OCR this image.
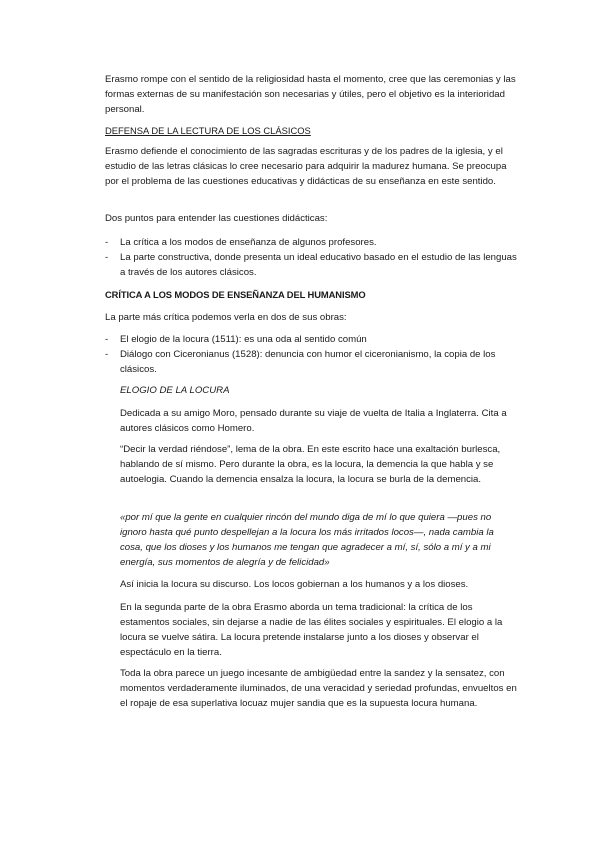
Erasmo rompe con el sentido de la religiosidad hasta el momento, cree que las ceremonias y las formas externas de su manifestación son necesarias y útiles, pero el objetivo es la interioridad personal.

DEFENSA DE LA LECTURA DE LOS CLÁSICOS

Erasmo defiende el conocimiento de las sagradas escrituras y de los padres de la iglesia, y el estudio de las letras clásicas lo cree necesario para adquirir la madurez humana. Se preocupa por el problema de las cuestiones educativas y didácticas de su enseñanza en este sentido.

Dos puntos para entender las cuestiones didácticas:

- La crítica a los modos de enseñanza de algunos profesores.
- La parte constructiva, donde presenta un ideal educativo basado en el estudio de las lenguas a través de los autores clásicos.

CRÍTICA A LOS MODOS DE ENSEÑANZA DEL HUMANISMO

La parte más crítica podemos verla en dos de sus obras:

- El elogio de la locura (1511): es una oda al sentido común
- Diálogo con Ciceronianus (1528): denuncia con humor el ciceronianismo, la copia de los clásicos.

ELOGIO DE LA LOCURA

Dedicada a su amigo Moro, pensado durante su viaje de vuelta de Italia a Inglaterra. Cita a autores clásicos como Homero.

“Decir la verdad riéndose”, lema de la obra. En este escrito hace una exaltación burlesca, hablando de sí mismo. Pero durante la obra, es la locura, la demencia la que habla y se autoelogia. Cuando la demencia ensalza la locura, la locura se burla de la demencia.

«por mí que la gente en cualquier rincón del mundo diga de mí lo que quiera —pues no ignoro hasta qué punto despellejan a la locura los más irritados locos—, nada cambia la cosa, que los dioses y los humanos me tengan que agradecer a mí, sí, sólo a mí y a mi energía, sus momentos de alegría y de felicidad»

Así inicia la locura su discurso. Los locos gobiernan a los humanos y a los dioses.

En la segunda parte de la obra Erasmo aborda un tema tradicional: la crítica de los estamentos sociales, sin dejarse a nadie de las élites sociales y espirituales. El elogio a la locura se vuelve sátira. La locura pretende instalarse junto a los dioses y observar el espectáculo en la tierra.

Toda la obra parece un juego incesante de ambigüedad entre la sandez y la sensatez, con momentos verdaderamente iluminados, de una veracidad y seriedad profundas, envueltos en el ropaje de esa superlativa locuaz mujer sandia que es la supuesta locura humana.
